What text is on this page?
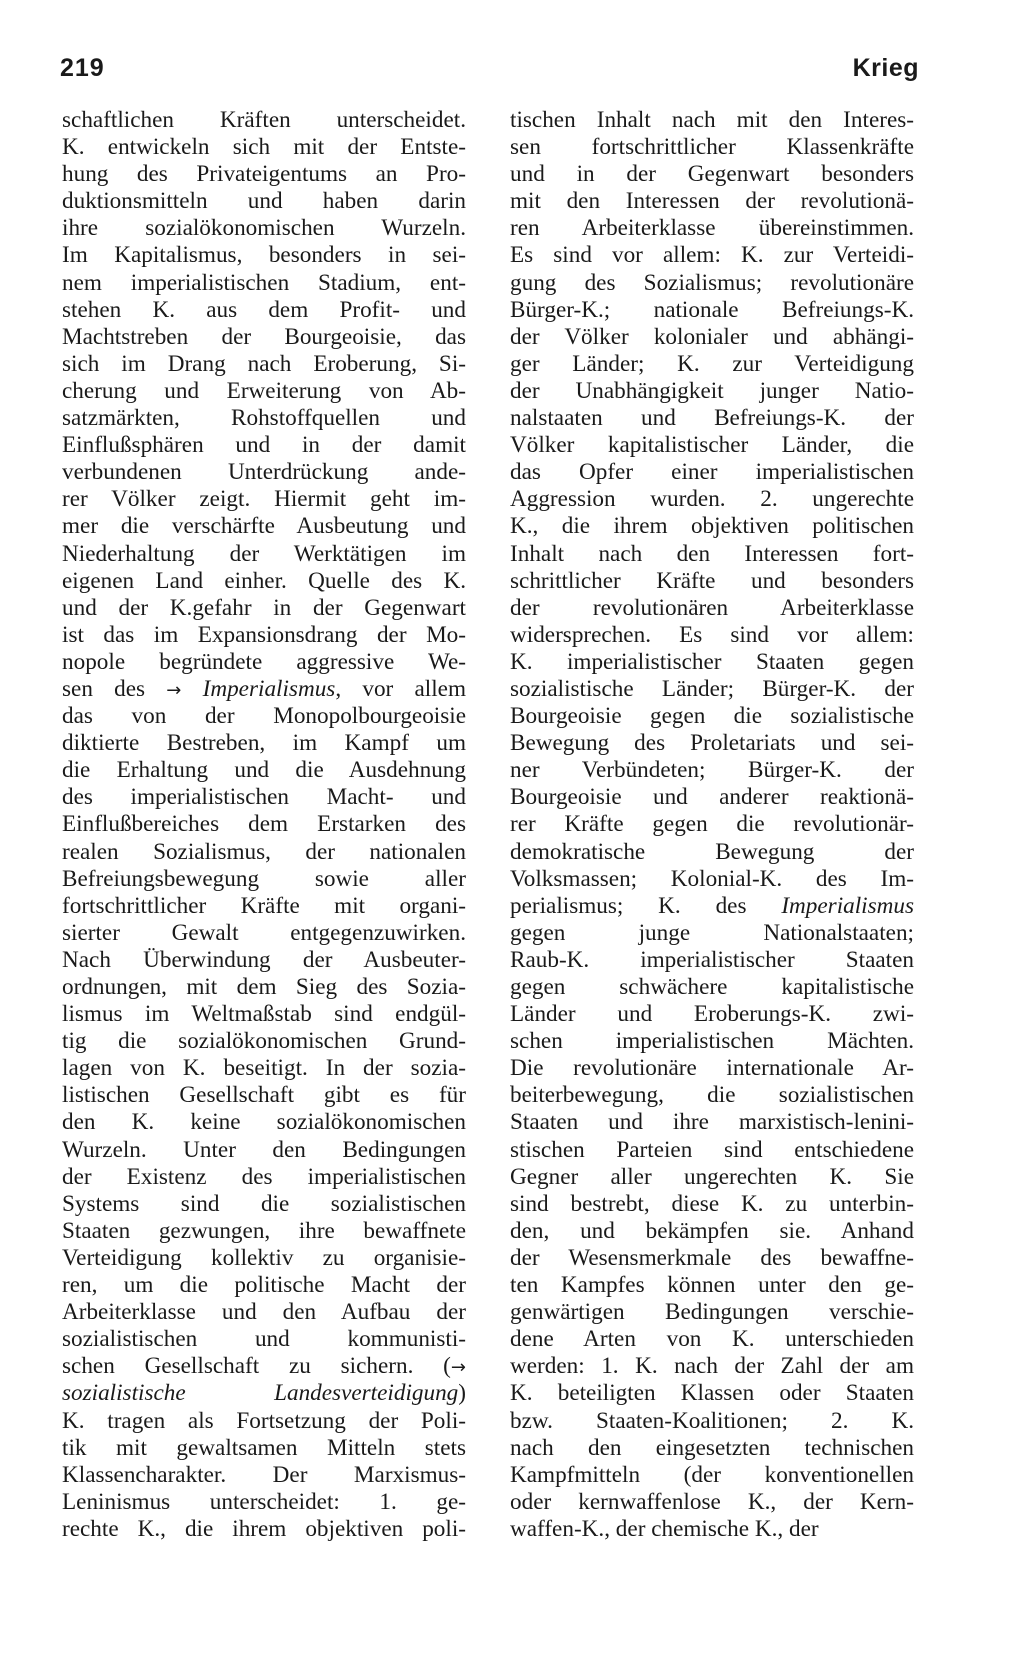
219	Krieg
schaftlichen Kräften unterscheidet.
K. entwickeln sich mit der Entste-
hung des Privateigentums an Pro-
duktionsmitteln und haben darin
ihre sozialökonomischen Wurzeln.
Im Kapitalismus, besonders in sei-
nem imperialistischen Stadium, ent-
stehen K. aus dem Profit- und
Machtstreben der Bourgeoisie, das
sich im Drang nach Eroberung, Si-
cherung und Erweiterung von Ab-
satzmärkten, Rohstoffquellen und
Einflußsphären und in der damit
verbundenen Unterdrückung ande-
rer Völker zeigt. Hiermit geht im-
mer die verschärfte Ausbeutung und
Niederhaltung der Werktätigen im
eigenen Land einher. Quelle des K.
und der K.gefahr in der Gegenwart
ist das im Expansionsdrang der Mo-
nopole begründete aggressive We-
sen des → Imperialismus, vor allem
das von der Monopolbourgeoisie
diktierte Bestreben, im Kampf um
die Erhaltung und die Ausdehnung
des imperialistischen Macht- und
Einflußbereiches dem Erstarken des
realen Sozialismus, der nationalen
Befreiungsbewegung sowie aller
fortschrittlicher Kräfte mit organi-
sierter Gewalt entgegenzuwirken.
Nach Überwindung der Ausbeuter-
ordnungen, mit dem Sieg des Sozia-
lismus im Weltmaßstab sind endgül-
tig die sozialökonomischen Grund-
lagen von K. beseitigt. In der sozia-
listischen Gesellschaft gibt es für
den K. keine sozialökonomischen
Wurzeln. Unter den Bedingungen
der Existenz des imperialistischen
Systems sind die sozialistischen
Staaten gezwungen, ihre bewaffnete
Verteidigung kollektiv zu organisie-
ren, um die politische Macht der
Arbeiterklasse und den Aufbau der
sozialistischen und kommunisti-
schen Gesellschaft zu sichern. (→
sozialistische Landesverteidigung)
K. tragen als Fortsetzung der Poli-
tik mit gewaltsamen Mitteln stets
Klassencharakter. Der Marxismus-
Leninismus unterscheidet: 1. ge-
rechte K., die ihrem objektiven poli-
tischen Inhalt nach mit den Interes-
sen fortschrittlicher Klassenkräfte
und in der Gegenwart besonders
mit den Interessen der revolutionä-
ren Arbeiterklasse übereinstimmen.
Es sind vor allem: K. zur Verteidi-
gung des Sozialismus; revolutionäre
Bürger-K.; nationale Befreiungs-K.
der Völker kolonialer und abhängi-
ger Länder; K. zur Verteidigung
der Unabhängigkeit junger Natio-
nalstaaten und Befreiungs-K. der
Völker kapitalistischer Länder, die
das Opfer einer imperialistischen
Aggression wurden. 2. ungerechte
K., die ihrem objektiven politischen
Inhalt nach den Interessen fort-
schrittlicher Kräfte und besonders
der revolutionären Arbeiterklasse
widersprechen. Es sind vor allem:
K. imperialistischer Staaten gegen
sozialistische Länder; Bürger-K. der
Bourgeoisie gegen die sozialistische
Bewegung des Proletariats und sei-
ner Verbündeten; Bürger-K. der
Bourgeoisie und anderer reaktionä-
rer Kräfte gegen die revolutionär-
demokratische Bewegung der
Volksmassen; Kolonial-K. des Im-
perialismus; K. des Imperialismus
gegen junge Nationalstaaten;
Raub-K. imperialistischer Staaten
gegen schwächere kapitalistische
Länder und Eroberungs-K. zwi-
schen imperialistischen Mächten.
Die revolutionäre internationale Ar-
beiterbewegung, die sozialistischen
Staaten und ihre marxistisch-lenini-
stischen Parteien sind entschiedene
Gegner aller ungerechten K. Sie
sind bestrebt, diese K. zu unterbin-
den, und bekämpfen sie. Anhand
der Wesensmerkmale des bewaffne-
ten Kampfes können unter den ge-
genwärtigen Bedingungen verschie-
dene Arten von K. unterschieden
werden: 1. K. nach der Zahl der am
K. beteiligten Klassen oder Staaten
bzw. Staaten-Koalitionen; 2. K.
nach den eingesetzten technischen
Kampfmitteln (der konventionellen
oder kernwaffenlose K., der Kern-
waffen-K., der chemische K., der
